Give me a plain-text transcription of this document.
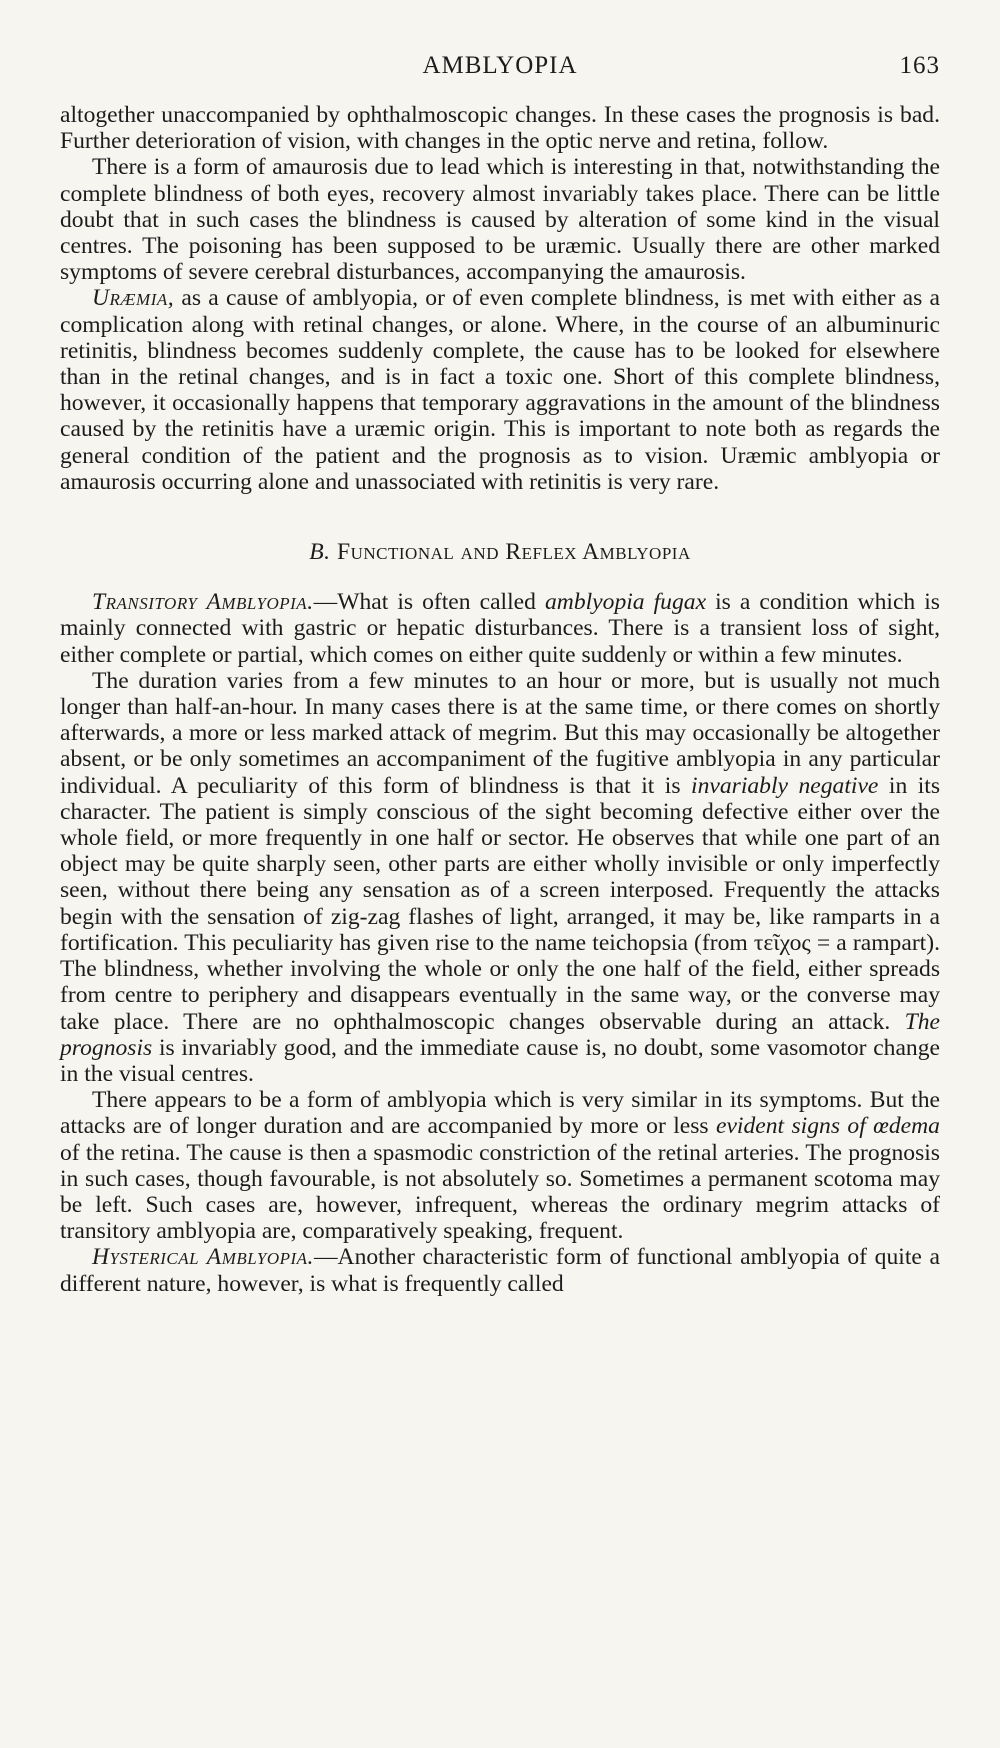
AMBLYOPIA	163

altogether unaccompanied by ophthalmoscopic changes. In these cases the prognosis is bad. Further deterioration of vision, with changes in the optic nerve and retina, follow.

There is a form of amaurosis due to lead which is interesting in that, notwithstanding the complete blindness of both eyes, recovery almost invariably takes place. There can be little doubt that in such cases the blindness is caused by alteration of some kind in the visual centres. The poisoning has been supposed to be uræmic. Usually there are other marked symptoms of severe cerebral disturbances, accompanying the amaurosis.

Uræmia, as a cause of amblyopia, or of even complete blindness, is met with either as a complication along with retinal changes, or alone. Where, in the course of an albuminuric retinitis, blindness becomes suddenly complete, the cause has to be looked for elsewhere than in the retinal changes, and is in fact a toxic one. Short of this complete blindness, however, it occasionally happens that temporary aggravations in the amount of the blindness caused by the retinitis have a uræmic origin. This is important to note both as regards the general condition of the patient and the prognosis as to vision. Uræmic amblyopia or amaurosis occurring alone and unassociated with retinitis is very rare.

B. Functional and Reflex Amblyopia

Transitory Amblyopia.—What is often called amblyopia fugax is a condition which is mainly connected with gastric or hepatic disturbances. There is a transient loss of sight, either complete or partial, which comes on either quite suddenly or within a few minutes.

The duration varies from a few minutes to an hour or more, but is usually not much longer than half-an-hour. In many cases there is at the same time, or there comes on shortly afterwards, a more or less marked attack of megrim. But this may occasionally be altogether absent, or be only sometimes an accompaniment of the fugitive amblyopia in any particular individual. A peculiarity of this form of blindness is that it is invariably negative in its character. The patient is simply conscious of the sight becoming defective either over the whole field, or more frequently in one half or sector. He observes that while one part of an object may be quite sharply seen, other parts are either wholly invisible or only imperfectly seen, without there being any sensation as of a screen interposed. Frequently the attacks begin with the sensation of zig-zag flashes of light, arranged, it may be, like ramparts in a fortification. This peculiarity has given rise to the name teichopsia (from τεῖχος = a rampart). The blindness, whether involving the whole or only the one half of the field, either spreads from centre to periphery and disappears eventually in the same way, or the converse may take place. There are no ophthalmoscopic changes observable during an attack. The prognosis is invariably good, and the immediate cause is, no doubt, some vasomotor change in the visual centres.

There appears to be a form of amblyopia which is very similar in its symptoms. But the attacks are of longer duration and are accompanied by more or less evident signs of œdema of the retina. The cause is then a spasmodic constriction of the retinal arteries. The prognosis in such cases, though favourable, is not absolutely so. Sometimes a permanent scotoma may be left. Such cases are, however, infrequent, whereas the ordinary megrim attacks of transitory amblyopia are, comparatively speaking, frequent.

Hysterical Amblyopia.—Another characteristic form of functional amblyopia of quite a different nature, however, is what is frequently called
